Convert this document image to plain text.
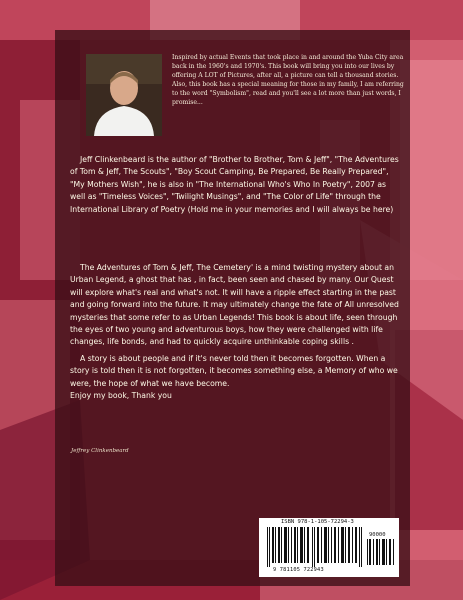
Inspired by actual Events that took place in and around the Yuba City area back in the 1960's and 1970's. This book will bring you into our lives by offering A LOT of Pictures, after all, a picture can tell a thousand stories. Also, this book has a special meaning for those in my family, I am referring to the word "Symbolism", read and you'll see a lot more than just words, I promise...

Jeff Clinkenbeard is the author of "Brother to Brother, Tom & Jeff", "The Adventures of Tom & Jeff, The Scouts", "Boy Scout Camping, Be Prepared, Be Really Prepared", "My Mothers Wish", he is also in "The International Who's Who In Poetry", 2007 as well as "Timeless Voices", "Twilight Musings", and "The Color of Life" through the International Library of Poetry (Hold me in your memories and I will always be here)

The Adventures of Tom & Jeff, The Cemetery' is a mind twisting mystery about an Urban Legend, a ghost that has , in fact, been seen and chased by many. Our Quest will explore what's real and what's not. It will have a ripple effect starting in the past and going forward into the future. It may ultimately change the fate of All unresolved mysteries that some refer to as Urban Legends! This book is about life, seen through the eyes of two young and adventurous boys, how they were challenged with life changes, life bonds, and had to quickly acquire unthinkable coping skills .

A story is about people and if it's never told then it becomes forgotten. When a story is told then it is not forgotten, it becomes something else, a Memory of who we were, the hope of what we have become.

Enjoy my book, Thank you

Jeffrey Clinkenbeard
ISBN 978-1-105-72294-3
90000
9 781105 722943
